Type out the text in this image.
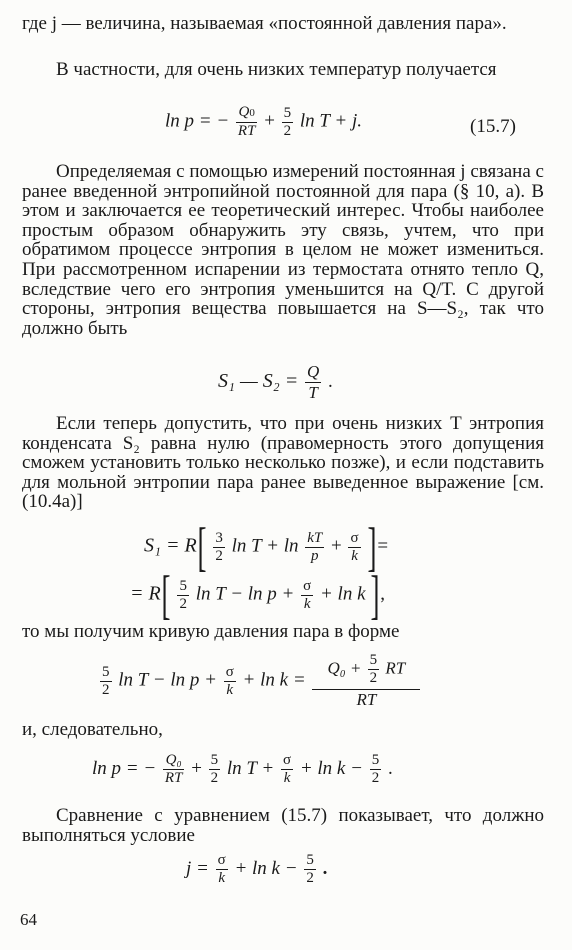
где j — величина, называемая «постоянной давления пара».
В частности, для очень низких температур получается
ln p = − $\frac{Q0}{RT} + \frac{5}{2}$ ln T + j.	(15.7)
Определяемая с помощью измерений постоянная j связана с ранее введенной энтропийной постоянной для пара (§ 10, а). В этом и заключается ее теоретический интерес. Чтобы наиболее простым образом обнаружить эту связь, учтем, что при обратимом процессе энтропия в целом не может измениться. При рассмотренном испарении из термостата отнято тепло Q, вследствие чего его энтропия уменьшится на Q/T. С другой стороны, энтропия вещества повышается на S—S₂, так что должно быть
S₁ — $S_2 = \frac{Q}{T}$ .
Если теперь допустить, что при очень низких T энтропия конденсата S₂ равна нулю (правомерность этого допущения сможем установить только несколько позже), и если подставить для мольной энтропии пара ранее выведенное выражение [см. (10.4а)]
$S_1 = R[ \frac{3}{2}$ $\ln T + \ln \frac{kT}{p} + \frac{\sigma}{k}$ ]=
= $R[ \frac{5}{2}$ $\ln T - \ln p + \frac{\sigma}{k} + \ln k$ ],
то мы получим кривую давления пара в форме
$\frac{5}{2}$ $\ln T - \ln p + \frac{\sigma}{k} + \ln k = \frac{Q_0 + \frac{5}{2} RT}{RT}$
и, следовательно,
ln p = − $\frac{\text{Q₀}}{RT} + \frac{5}{2}$ $\ln T + \frac{\sigma}{k} + \ln k - \frac{5}{2}$ .
Сравнение с уравнением (15.7) показывает, что должно выполняться условие
$j = \frac{\sigma}{k} + \ln k - \frac{5}{2}$ .
64
